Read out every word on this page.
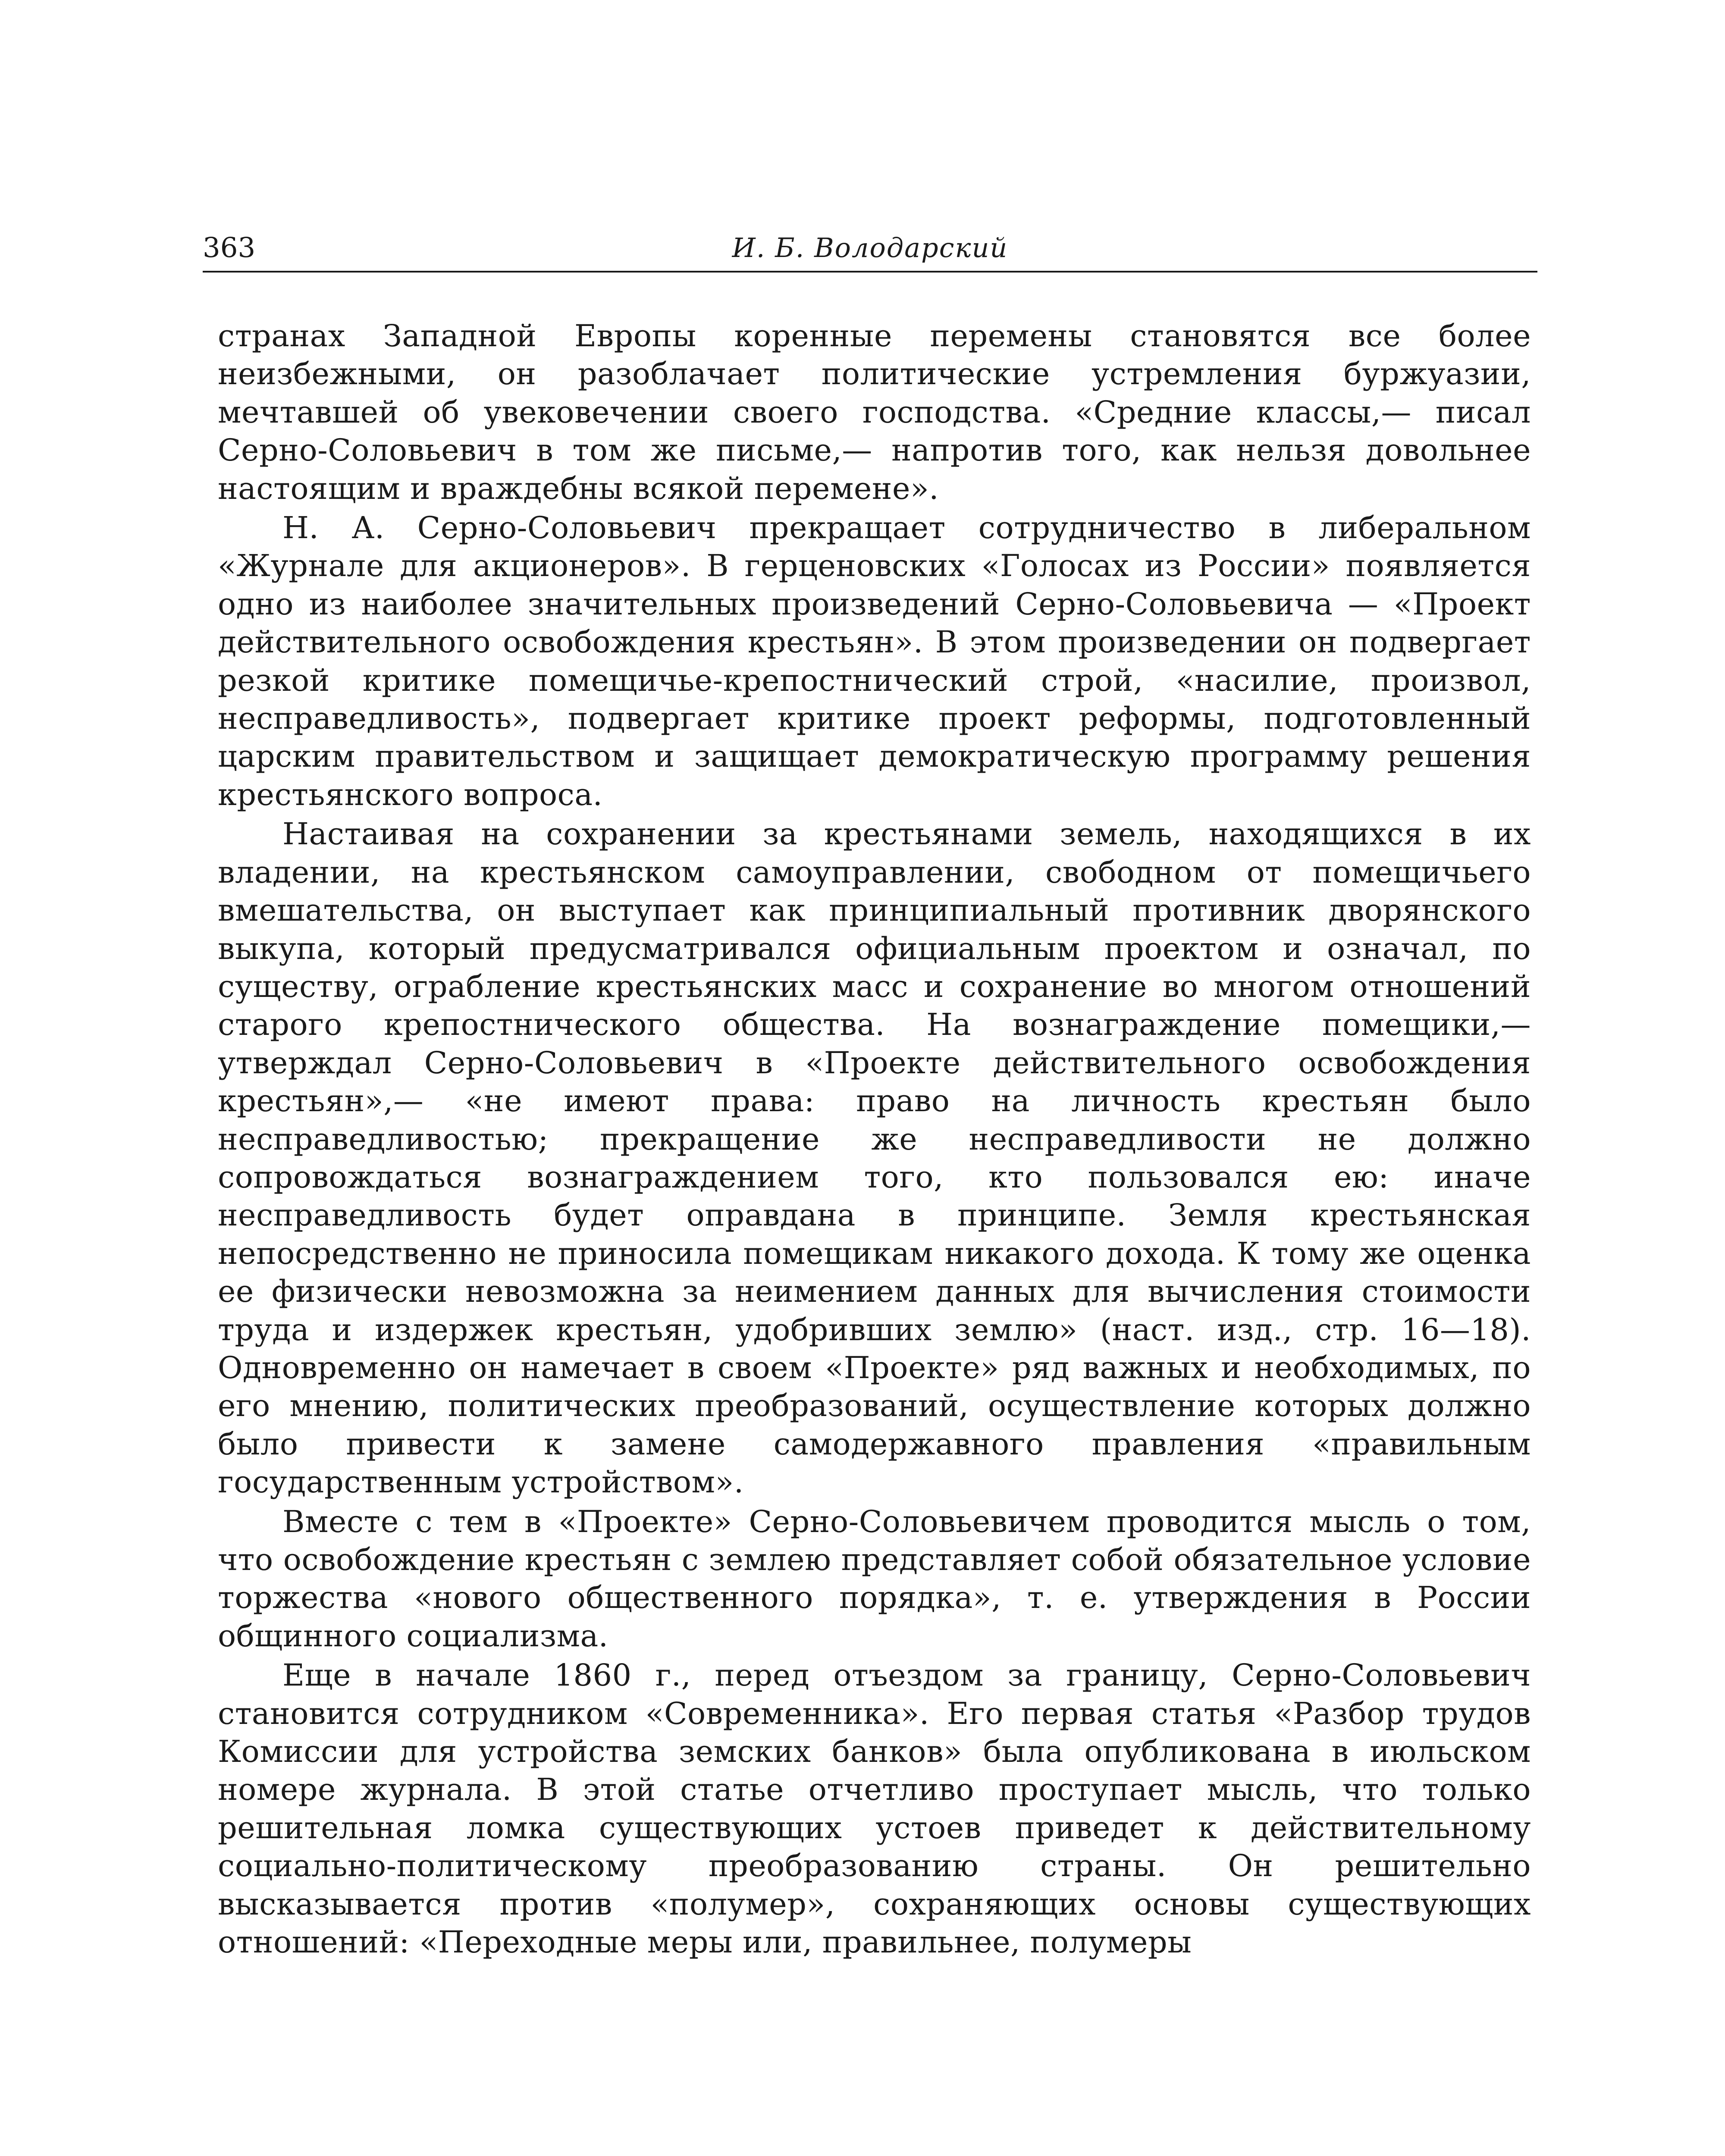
363	И. Б. Володарский

странах Западной Европы коренные перемены становятся все более неизбежными, он разоблачает политические устремления буржуазии, мечтавшей об увековечении своего господства. «Средние классы,— писал Серно-Соловьевич в том же письме,— напротив того, как нельзя довольнее настоящим и враждебны всякой перемене».

Н. А. Серно-Соловьевич прекращает сотрудничество в либеральном «Журнале для акционеров». В герценовских «Голосах из России» появляется одно из наиболее значительных произведений Серно-Соловьевича — «Проект действительного освобождения крестьян». В этом произведении он подвергает резкой критике помещичье-крепостнический строй, «насилие, произвол, несправедливость», подвергает критике проект реформы, подготовленный царским правительством и защищает демократическую программу решения крестьянского вопроса.

Настаивая на сохранении за крестьянами земель, находящихся в их владении, на крестьянском самоуправлении, свободном от помещичьего вмешательства, он выступает как принципиальный противник дворянского выкупа, который предусматривался официальным проектом и означал, по существу, ограбление крестьянских масс и сохранение во многом отношений старого крепостнического общества. На вознаграждение помещики,— утверждал Серно-Соловьевич в «Проекте действительного освобождения крестьян»,— «не имеют права: право на личность крестьян было несправедливостью; прекращение же несправедливости не должно сопровождаться вознаграждением того, кто пользовался ею: иначе несправедливость будет оправдана в принципе. Земля крестьянская непосредственно не приносила помещикам никакого дохода. К тому же оценка ее физически невозможна за неимением данных для вычисления стоимости труда и издержек крестьян, удобривших землю» (наст. изд., стр. 16—18). Одновременно он намечает в своем «Проекте» ряд важных и необходимых, по его мнению, политических преобразований, осуществление которых должно было привести к замене самодержавного правления «правильным государственным устройством».

Вместе с тем в «Проекте» Серно-Соловьевичем проводится мысль о том, что освобождение крестьян с землею представляет собой обязательное условие торжества «нового общественного порядка», т. е. утверждения в России общинного социализма.

Еще в начале 1860 г., перед отъездом за границу, Серно-Соловьевич становится сотрудником «Современника». Его первая статья «Разбор трудов Комиссии для устройства земских банков» была опубликована в июльском номере журнала. В этой статье отчетливо проступает мысль, что только решительная ломка существующих устоев приведет к действительному социально-политическому преобразованию страны. Он решительно высказывается против «полумер», сохраняющих основы существующих отношений: «Переходные меры или, правильнее, полумеры
